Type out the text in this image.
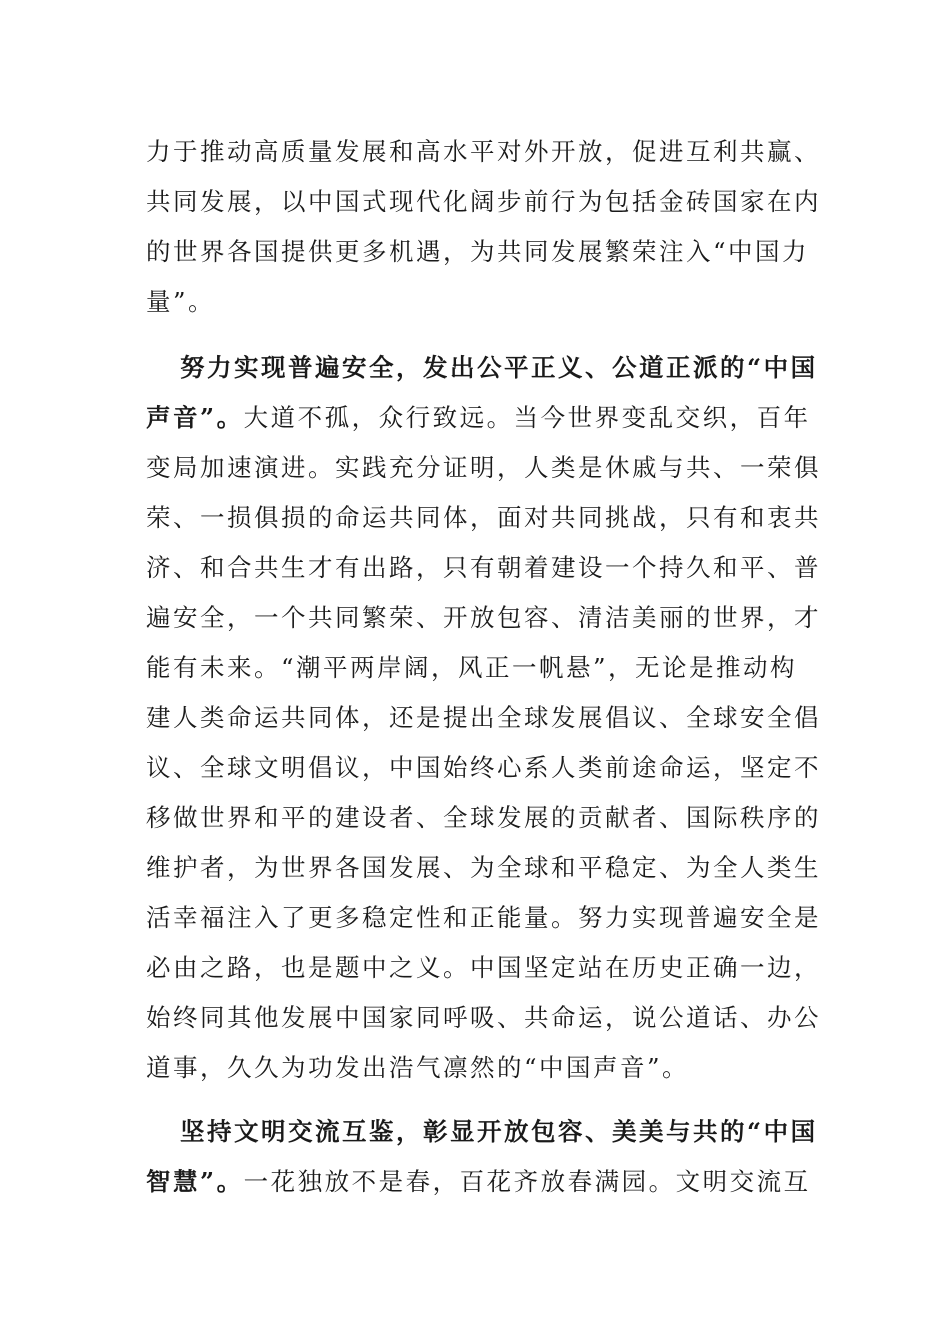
力于推动高质量发展和高水平对外开放，促进互利共赢、
共同发展，以中国式现代化阔步前行为包括金砖国家在内
的世界各国提供更多机遇，为共同发展繁荣注入“中国力
量”。
努力实现普遍安全，发出公平正义、公道正派的“中国
声音”。大道不孤，众行致远。当今世界变乱交织，百年
变局加速演进。实践充分证明，人类是休戚与共、一荣俱
荣、一损俱损的命运共同体，面对共同挑战，只有和衷共
济、和合共生才有出路，只有朝着建设一个持久和平、普
遍安全，一个共同繁荣、开放包容、清洁美丽的世界，才
能有未来。“潮平两岸阔，风正一帆悬”，无论是推动构
建人类命运共同体，还是提出全球发展倡议、全球安全倡
议、全球文明倡议，中国始终心系人类前途命运，坚定不
移做世界和平的建设者、全球发展的贡献者、国际秩序的
维护者，为世界各国发展、为全球和平稳定、为全人类生
活幸福注入了更多稳定性和正能量。努力实现普遍安全是
必由之路，也是题中之义。中国坚定站在历史正确一边，
始终同其他发展中国家同呼吸、共命运，说公道话、办公
道事，久久为功发出浩气凛然的“中国声音”。
坚持文明交流互鉴，彰显开放包容、美美与共的“中国
智慧”。一花独放不是春，百花齐放春满园。文明交流互
